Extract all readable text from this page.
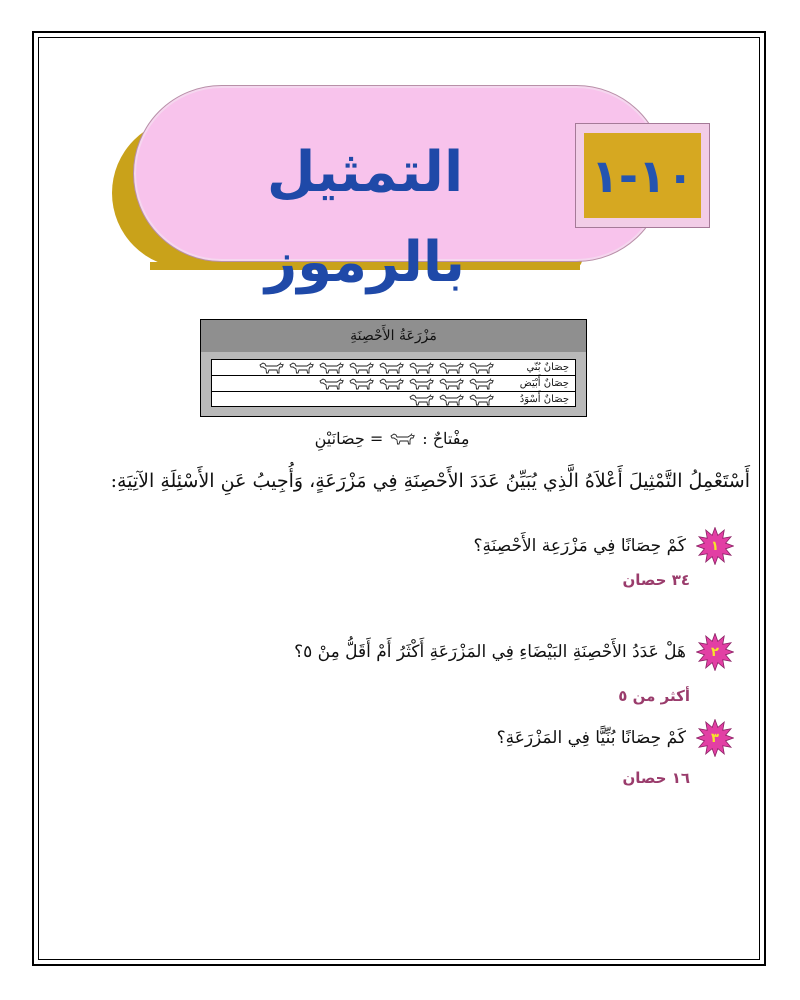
التمثيل بالرموز
١٠-١
مَزْرَعَةُ الأَحْصِنَةِ
حِصَانٌ بُنّي
حِصَانٌ أَبْيَض
حِصَانٌ أَسْوَدُ
مِفْتاحٌ :
= حِصَانَيْنِ
أَسْتَعْمِلُ التَّمْثِيلَ أَعْلاَهُ الَّذِي يُبَيِّنُ عَدَدَ الأَحْصِنَةِ فِي مَزْرَعَةٍ، وَأُجِيبُ عَنِ الأَسْئِلَةِ الآتِيَةِ:
١
كَمْ حِصَانًا فِي مَزْرَعِة الأَحْصِنَةِ؟
٣٤ حصان
٢
هَلْ عَدَدُ الأَحْصِنَةِ البَيْضَاءِ فِي المَزْرَعَةِ أَكْثَرُ أَمْ أَقَلُّ مِنْ ٥؟
أكثر من ٥
٣
كَمْ حِصَانًا بُنِّيًّا فِي المَزْرَعَةِ؟
١٦ حصان
